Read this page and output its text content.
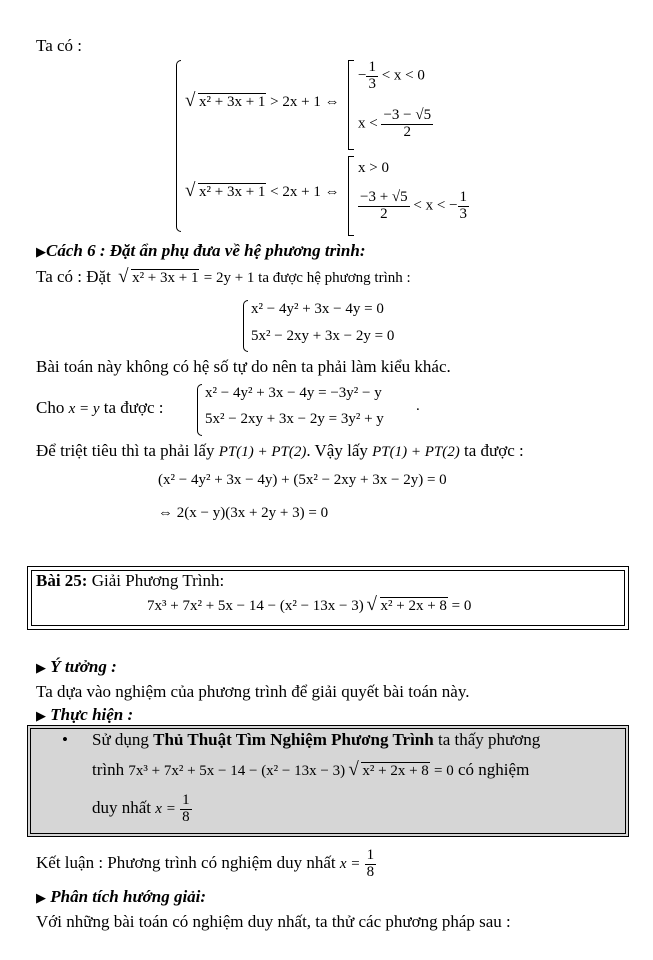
Ta có :
√ x² + 3x + 1 > 2x + 1 ⇔
− $\frac{1}{3} < x < 0$
$x < \frac{-3 - √5}{2}$
√ x² + 3x + 1 < 2x + 1 ⇔
x > 0
$\frac{-3 + √5}{2} < x$ < − $\frac{1}{3}$
▶Cách 6 : Đặt ẩn phụ đưa về hệ phương trình:
Ta có : Đặt √ x² + 3x + 1 = 2y + 1 ta được hệ phương trình :
x² − 4y² + 3x − 4y = 0
5x² − 2xy + 3x − 2y = 0
Bài toán này không có hệ số tự do nên ta phải làm kiểu khác.
Cho x = y ta được :
x² − 4y² + 3x − 4y = −3y² − y
5x² − 2xy + 3x − 2y = 3y² + y
.
Để triệt tiêu thì ta phải lấy PT(1) + PT(2). Vậy lấy PT(1) + PT(2) ta được :
(x² − 4y² + 3x − 4y) + (5x² − 2xy + 3x − 2y) = 0
⇔ 2(x − y)(3x + 2y + 3) = 0
Bài 25: Giải Phương Trình:
7x³ + 7x² + 5x − 14 − (x² − 13x − 3) √ x² + 2x + 8 = 0
▶ Ý tưởng :
Ta dựa vào nghiệm của phương trình để giải quyết bài toán này.
▶ Thực hiện :
• Sử dụng Thủ Thuật Tìm Nghiệm Phương Trình ta thấy phương
trình 7x³ + 7x² + 5x − 14 − (x² − 13x − 3) √ x² + 2x + 8 = 0 có nghiệm
duy nhất $x = \frac{1}{8}$
Kết luận : Phương trình có nghiệm duy nhất $x = \frac{1}{8}$
▶ Phân tích hướng giải:
Với những bài toán có nghiệm duy nhất, ta thử các phương pháp sau :
